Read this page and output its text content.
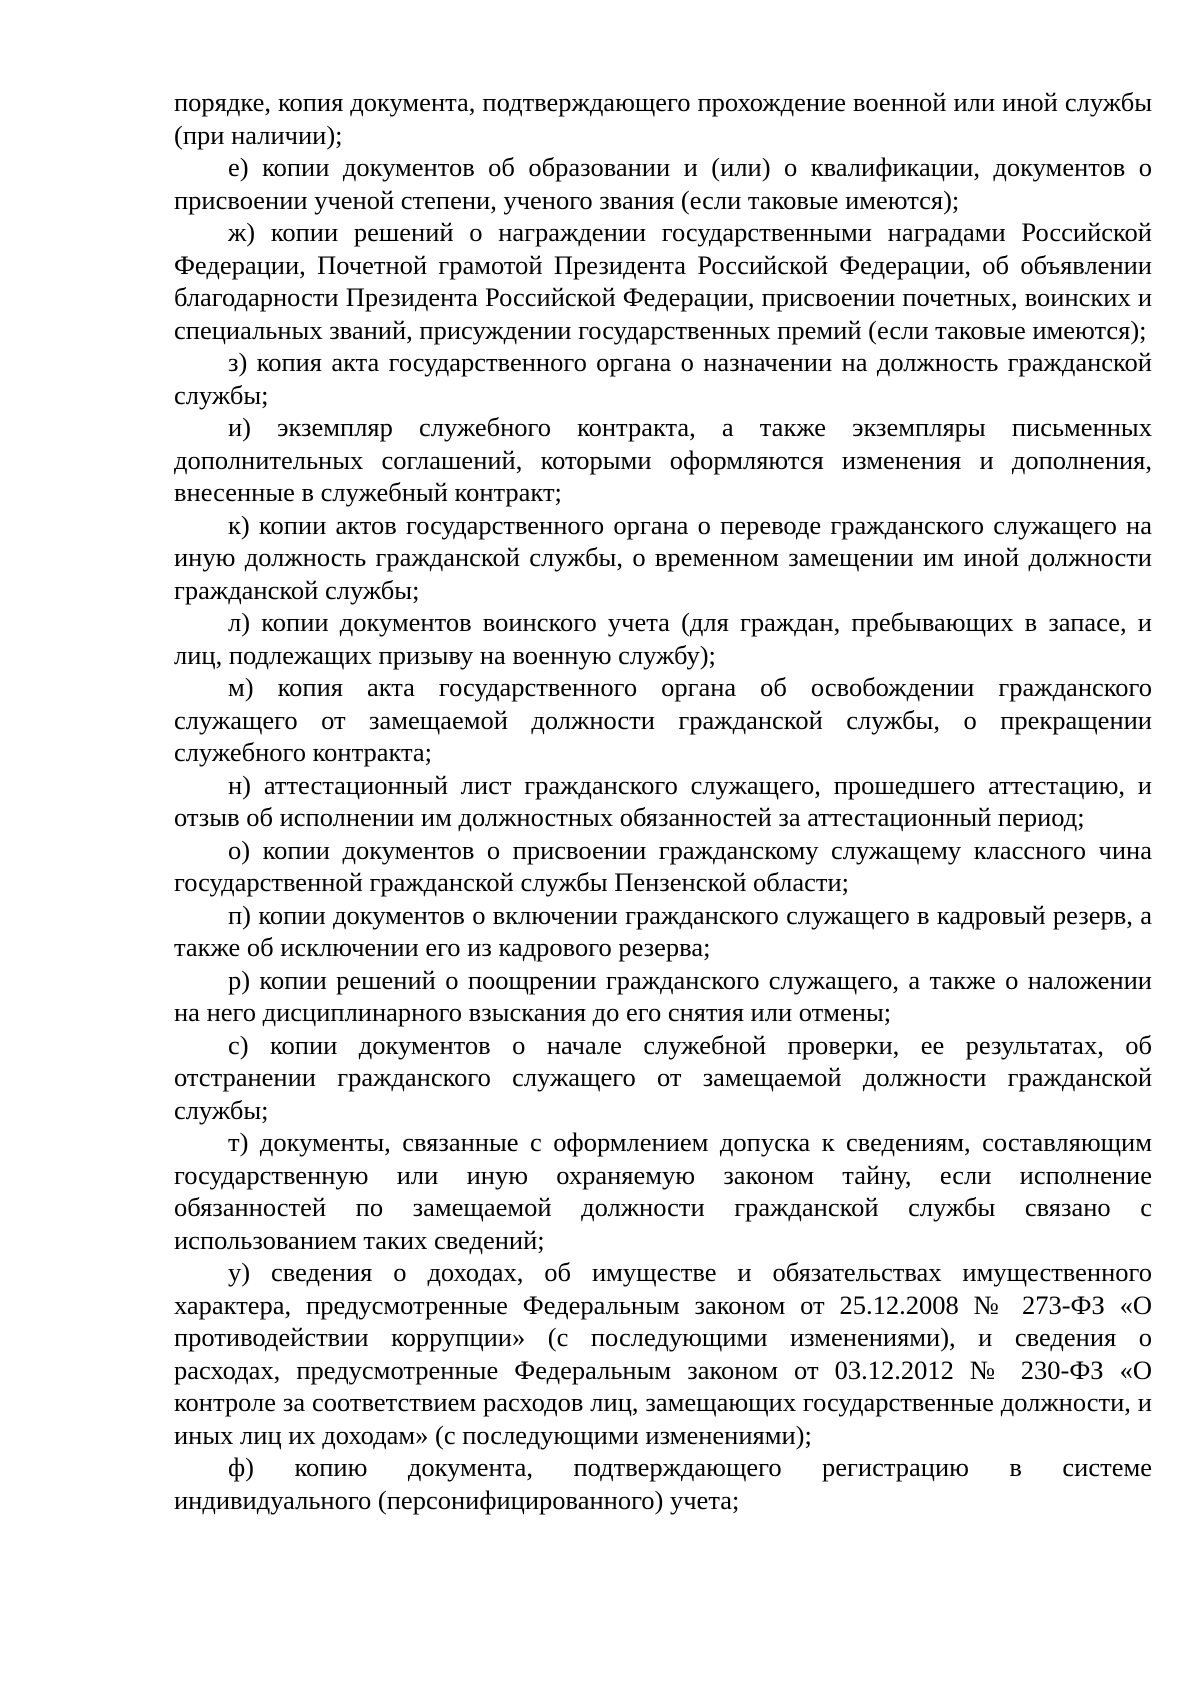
порядке, копия документа, подтверждающего прохождение военной или иной службы (при наличии);

е) копии документов об образовании и (или) о квалификации, документов о присвоении ученой степени, ученого звания (если таковые имеются);

ж) копии решений о награждении государственными наградами Российской Федерации, Почетной грамотой Президента Российской Федерации, об объявлении благодарности Президента Российской Федерации, присвоении почетных, воинских и специальных званий, присуждении государственных премий (если таковые имеются);

з) копия акта государственного органа о назначении на должность гражданской службы;

и) экземпляр служебного контракта, а также экземпляры письменных дополнительных соглашений, которыми оформляются изменения и дополнения, внесенные в служебный контракт;

к) копии актов государственного органа о переводе гражданского служащего на иную должность гражданской службы, о временном замещении им иной должности гражданской службы;

л) копии документов воинского учета (для граждан, пребывающих в запасе, и лиц, подлежащих призыву на военную службу);

м) копия акта государственного органа об освобождении гражданского служащего от замещаемой должности гражданской службы, о прекращении служебного контракта;

н) аттестационный лист гражданского служащего, прошедшего аттестацию, и отзыв об исполнении им должностных обязанностей за аттестационный период;

о) копии документов о присвоении гражданскому служащему классного чина государственной гражданской службы Пензенской области;

п) копии документов о включении гражданского служащего в кадровый резерв, а также об исключении его из кадрового резерва;

р) копии решений о поощрении гражданского служащего, а также о наложении на него дисциплинарного взыскания до его снятия или отмены;

с) копии документов о начале служебной проверки, ее результатах, об отстранении гражданского служащего от замещаемой должности гражданской службы;

т) документы, связанные с оформлением допуска к сведениям, составляющим государственную или иную охраняемую законом тайну, если исполнение обязанностей по замещаемой должности гражданской службы связано с использованием таких сведений;

у) сведения о доходах, об имуществе и обязательствах имущественного характера, предусмотренные Федеральным законом от 25.12.2008 № 273-ФЗ «О противодействии коррупции» (с последующими изменениями), и сведения о расходах, предусмотренные Федеральным законом от 03.12.2012 № 230-ФЗ «О контроле за соответствием расходов лиц, замещающих государственные должности, и иных лиц их доходам» (с последующими изменениями);

ф) копию документа, подтверждающего регистрацию в системе индивидуального (персонифицированного) учета;
